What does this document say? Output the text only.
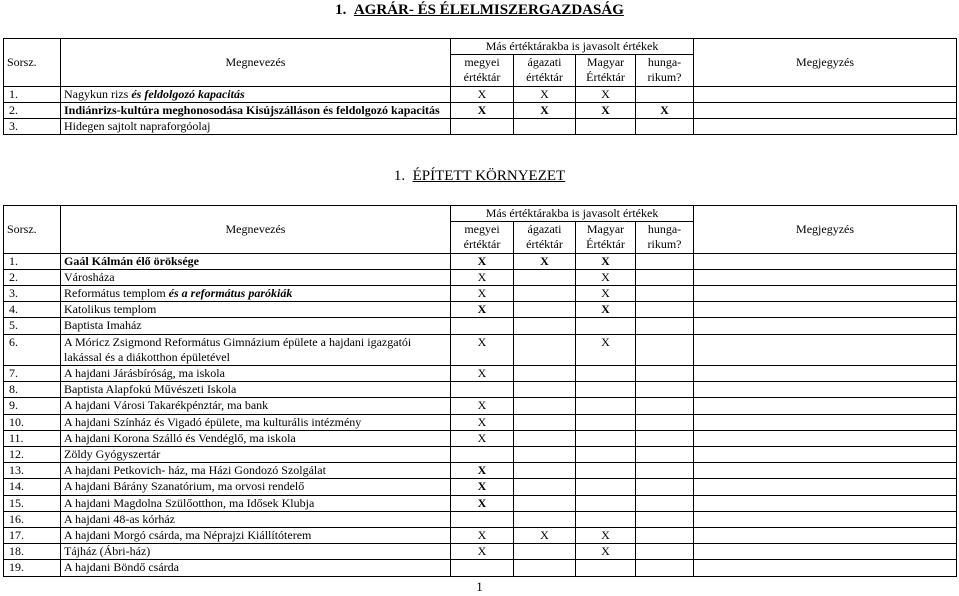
1. AGRÁR- ÉS ÉLELMISZERGAZDASÁG
Sorsz.	Megnevezés	Más értéktárakba is javasolt értékek				Megjegyzés
		megyei értéktár	ágazati értéktár	Magyar Értéktár	hunga-rikum?	
1.	Nagykun rizs és feldolgozó kapacitás	X	X	X		
2.	Indiánrizs-kultúra meghonosodása Kisújszálláson és feldolgozó kapacitás	X	X	X	X	
3.	Hidegen sajtolt napraforgóolaj					
1. ÉPÍTETT KÖRNYEZET
Sorsz.	Megnevezés	Más értéktárakba is javasolt értékek				Megjegyzés
		megyei értéktár	ágazati értéktár	Magyar Értéktár	hunga-rikum?	
1.	Gaál Kálmán élő öröksége	X	X	X		
2.	Városháza	X		X		
3.	Református templom és a református parókiák	X		X		
4.	Katolikus templom	X		X		
5.	Baptista Imaház					
6.	A Móricz Zsigmond Református Gimnázium épülete a hajdani igazgatói lakással és a diákotthon épületével	X		X		
7.	A hajdani Járásbíróság, ma iskola	X				
8.	Baptista Alapfokú Művészeti Iskola					
9.	A hajdani Városi Takarékpénztár, ma bank	X				
10.	A hajdani Színház és Vigadó épülete, ma kulturális intézmény	X				
11.	A hajdani Korona Szálló és Vendéglő, ma iskola	X				
12.	Zöldy Gyógyszertár					
13.	A hajdani Petkovich- ház, ma Házi Gondozó Szolgálat	X				
14.	A hajdani Bárány Szanatórium, ma orvosi rendelő	X				
15.	A hajdani Magdolna Szülőotthon, ma Idősek Klubja	X				
16.	A hajdani 48-as kórház					
17.	A hajdani Morgó csárda, ma Néprajzi Kiállítóterem	X	X	X		
18.	Tájház (Ábri-ház)	X		X		
19.	A hajdani Böndő csárda					
1
